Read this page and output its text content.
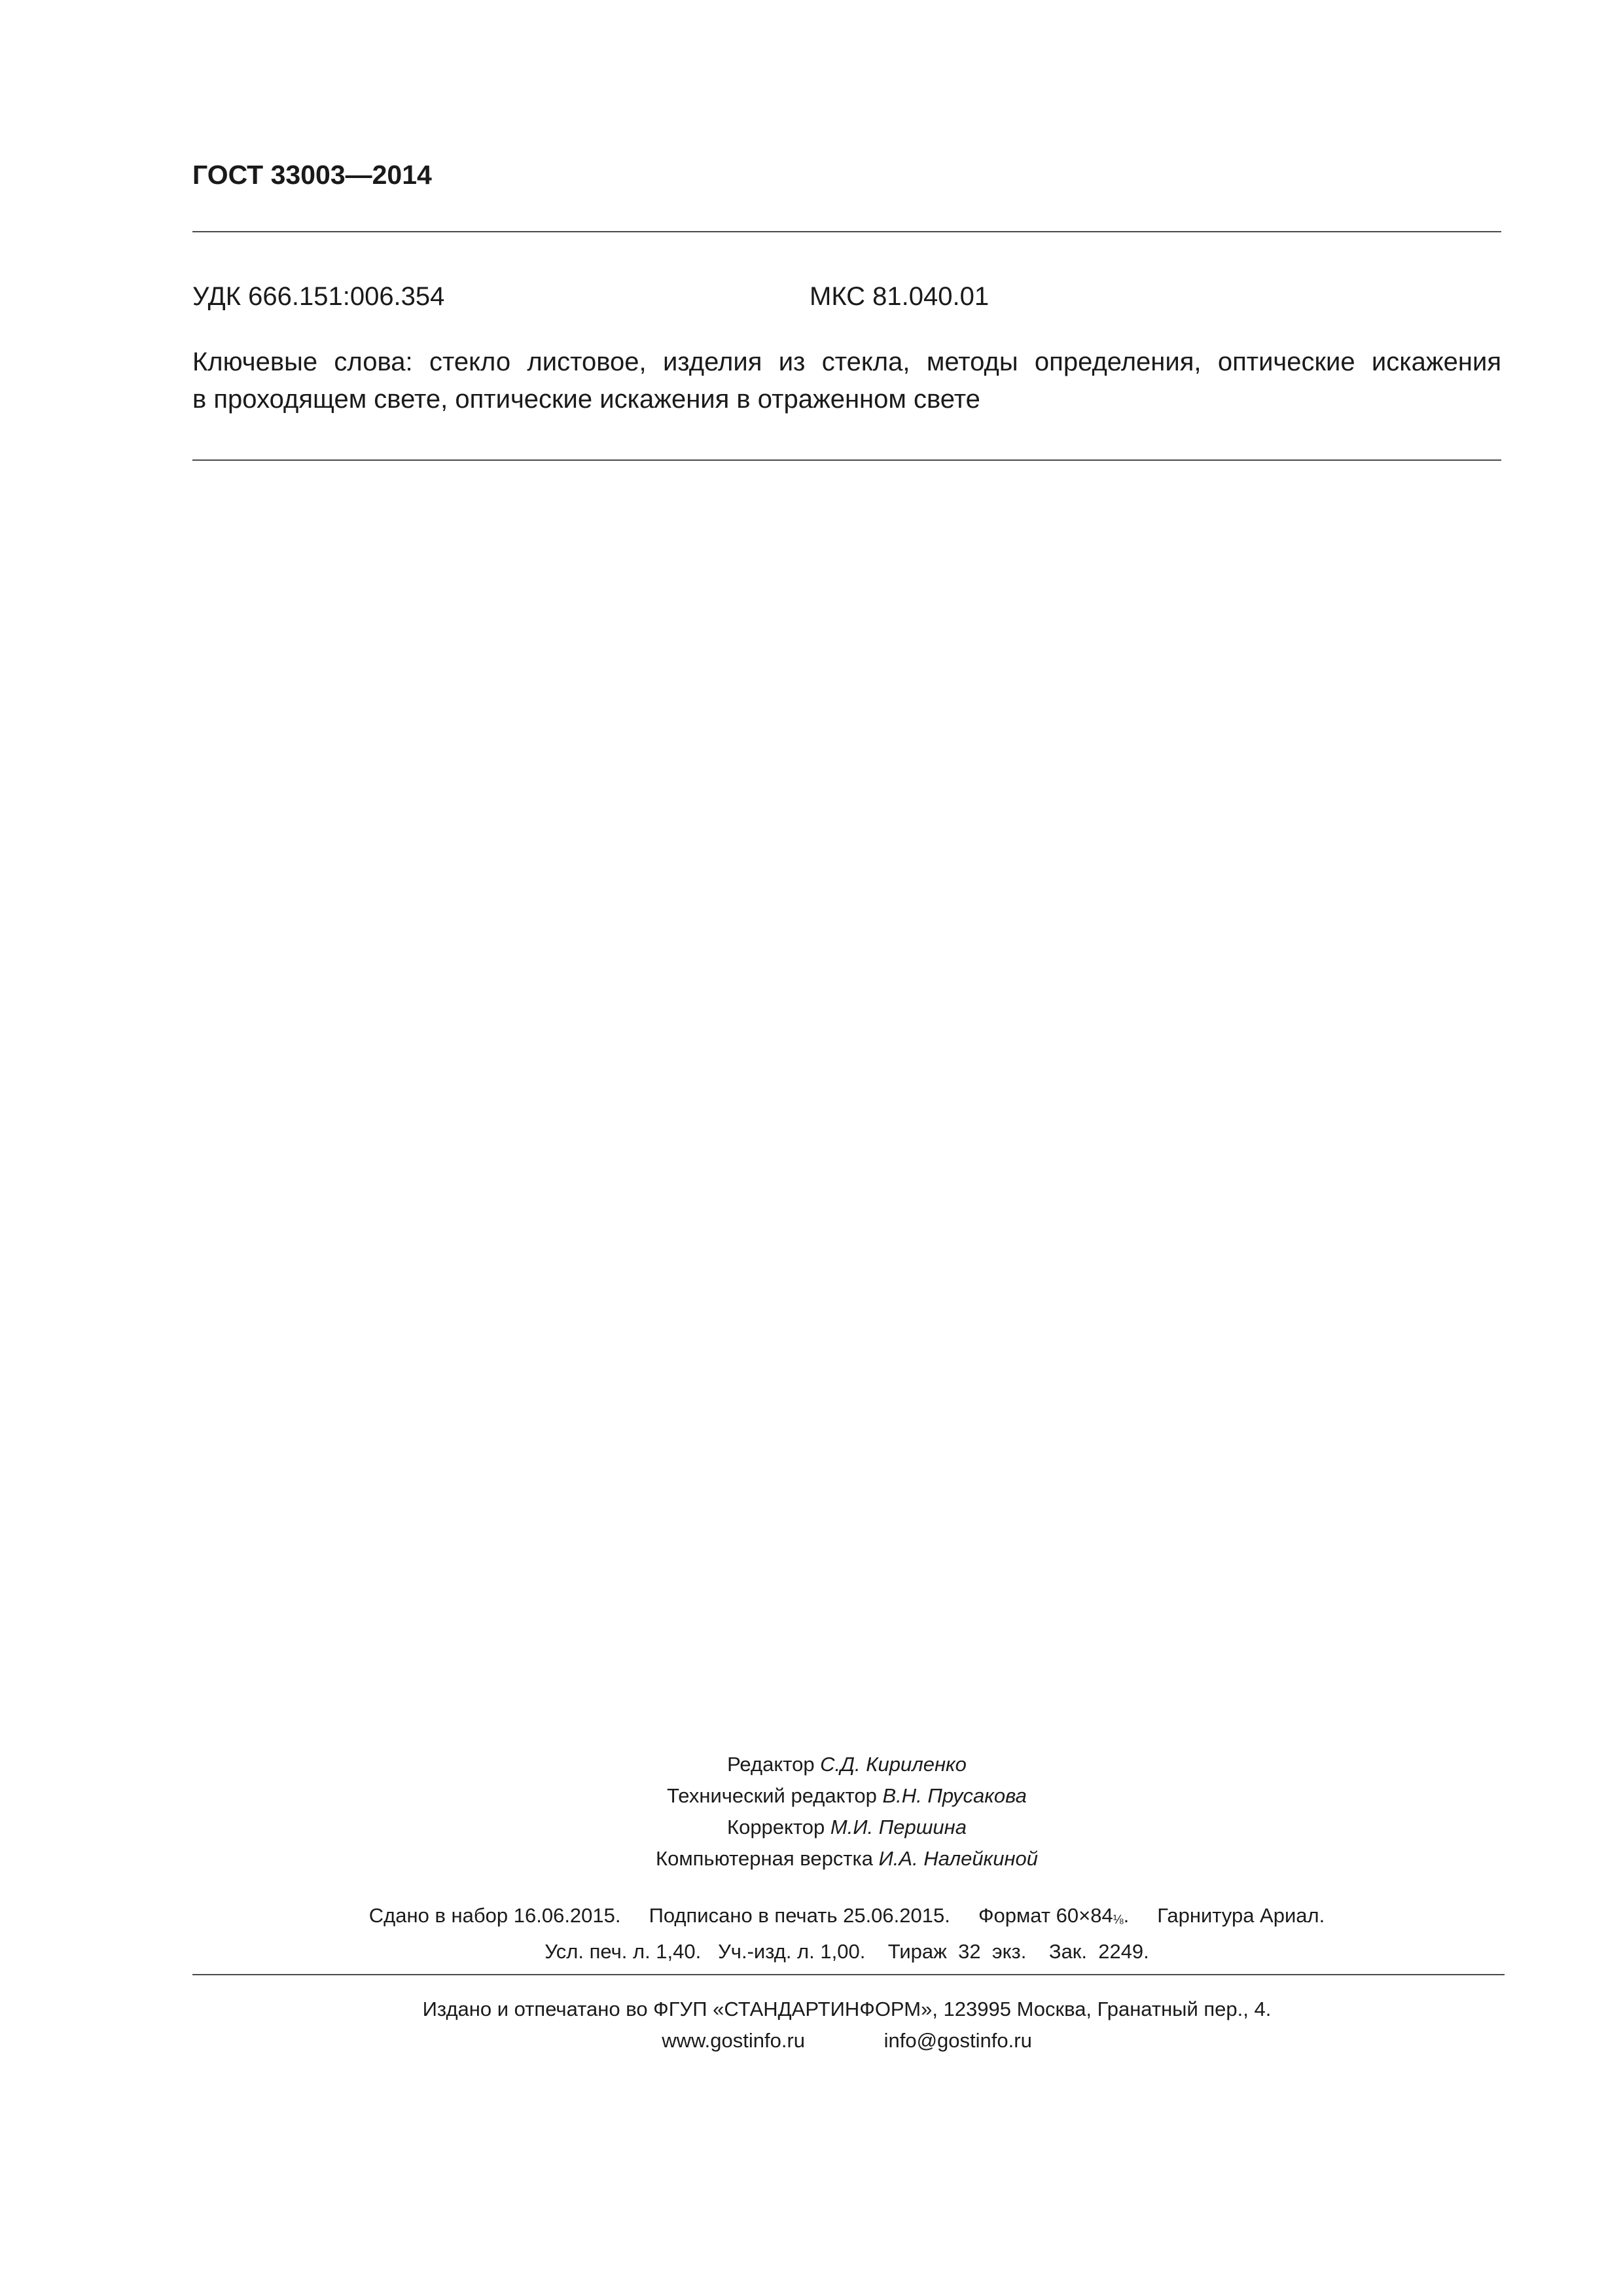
ГОСТ 33003—2014
УДК 666.151:006.354	МКС 81.040.01
Ключевые слова: стекло листовое, изделия из стекла, методы определения, оптические искажения
в проходящем свете, оптические искажения в отраженном свете
Редактор С.Д. Кириленко
Технический редактор В.Н. Прусакова
Корректор М.И. Першина
Компьютерная верстка И.А. Налейкиной
Сдано в набор 16.06.2015. Подписано в печать 25.06.2015. Формат 60×84⅛.     Гарнитура Ариал.
Усл. печ. л. 1,40. Уч.-изд. л. 1,00. Тираж  32  экз. Зак.  2249.
Издано и отпечатано во ФГУП «СТАНДАРТИНФОРМ», 123995 Москва, Гранатный пер., 4.
www.gostinfo.ru	info@gostinfo.ru
